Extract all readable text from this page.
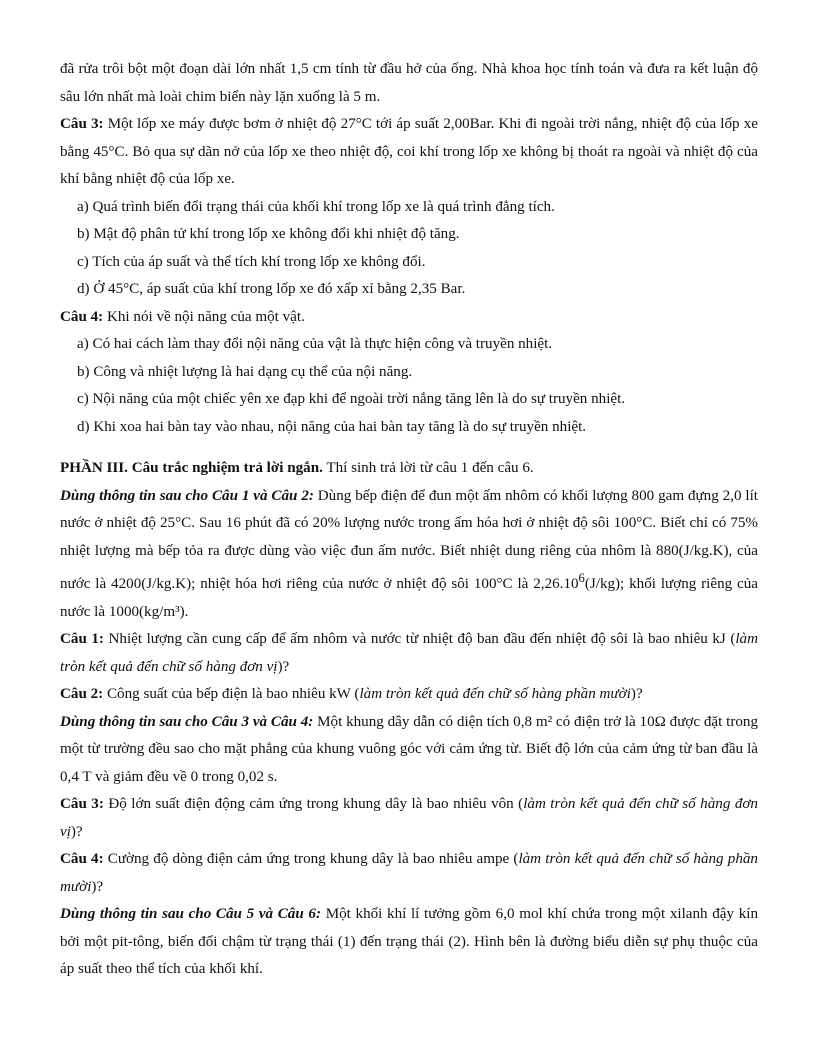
đã rửa trôi bột một đoạn dài lớn nhất 1,5 cm tính từ đầu hở của ống. Nhà khoa học tính toán và đưa ra kết luận độ sâu lớn nhất mà loài chim biển này lặn xuống là 5 m.

Câu 3: Một lốp xe máy được bơm ở nhiệt độ 27°C tới áp suất 2,00Bar. Khi đi ngoài trời nắng, nhiệt độ của lốp xe bằng 45°C. Bỏ qua sự dãn nở của lốp xe theo nhiệt độ, coi khí trong lốp xe không bị thoát ra ngoài và nhiệt độ của khí bằng nhiệt độ của lốp xe.

a) Quá trình biến đổi trạng thái của khối khí trong lốp xe là quá trình đẳng tích.

b) Mật độ phân tử khí trong lốp xe không đổi khi nhiệt độ tăng.

c) Tích của áp suất và thể tích khí trong lốp xe không đổi.

d) Ở 45°C, áp suất của khí trong lốp xe đó xấp xỉ bằng 2,35 Bar.

Câu 4: Khi nói về nội năng của một vật.

a) Có hai cách làm thay đổi nội năng của vật là thực hiện công và truyền nhiệt.

b) Công và nhiệt lượng là hai dạng cụ thể của nội năng.

c) Nội năng của một chiếc yên xe đạp khi để ngoài trời nắng tăng lên là do sự truyền nhiệt.

d) Khi xoa hai bàn tay vào nhau, nội năng của hai bàn tay tăng là do sự truyền nhiệt.

PHẦN III. Câu trắc nghiệm trả lời ngắn. Thí sinh trả lời từ câu 1 đến câu 6.

Dùng thông tin sau cho Câu 1 và Câu 2: Dùng bếp điện để đun một ấm nhôm có khối lượng 800 gam đựng 2,0 lít nước ở nhiệt độ 25°C. Sau 16 phút đã có 20% lượng nước trong ấm hóa hơi ở nhiệt độ sôi 100°C. Biết chỉ có 75% nhiệt lượng mà bếp tỏa ra được dùng vào việc đun ấm nước. Biết nhiệt dung riêng của nhôm là 880(J/kg.K), của nước là 4200(J/kg.K); nhiệt hóa hơi riêng của nước ở nhiệt độ sôi 100°C là 2,26.10$^6$(J/kg); khối lượng riêng của nước là 1000(kg/m³).

Câu 1: Nhiệt lượng cần cung cấp để ấm nhôm và nước từ nhiệt độ ban đầu đến nhiệt độ sôi là bao nhiêu kJ (làm tròn kết quả đến chữ số hàng đơn vị)?

Câu 2: Công suất của bếp điện là bao nhiêu kW (làm tròn kết quả đến chữ số hàng phần mười)?

Dùng thông tin sau cho Câu 3 và Câu 4: Một khung dây dẫn có diện tích 0,8 m² có điện trở là 10Ω được đặt trong một từ trường đều sao cho mặt phẳng của khung vuông góc với cảm ứng từ. Biết độ lớn của cảm ứng từ ban đầu là 0,4 T và giảm đều về 0 trong 0,02 s.

Câu 3: Độ lớn suất điện động cảm ứng trong khung dây là bao nhiêu vôn (làm tròn kết quả đến chữ số hàng đơn vị)?

Câu 4: Cường độ dòng điện cảm ứng trong khung dây là bao nhiêu ampe (làm tròn kết quả đến chữ số hàng phần mười)?

Dùng thông tin sau cho Câu 5 và Câu 6: Một khối khí lí tưởng gồm 6,0 mol khí chứa trong một xilanh đậy kín bởi một pit-tông, biến đổi chậm từ trạng thái (1) đến trạng thái (2). Hình bên là đường biểu diễn sự phụ thuộc của áp suất theo thể tích của khối khí.
